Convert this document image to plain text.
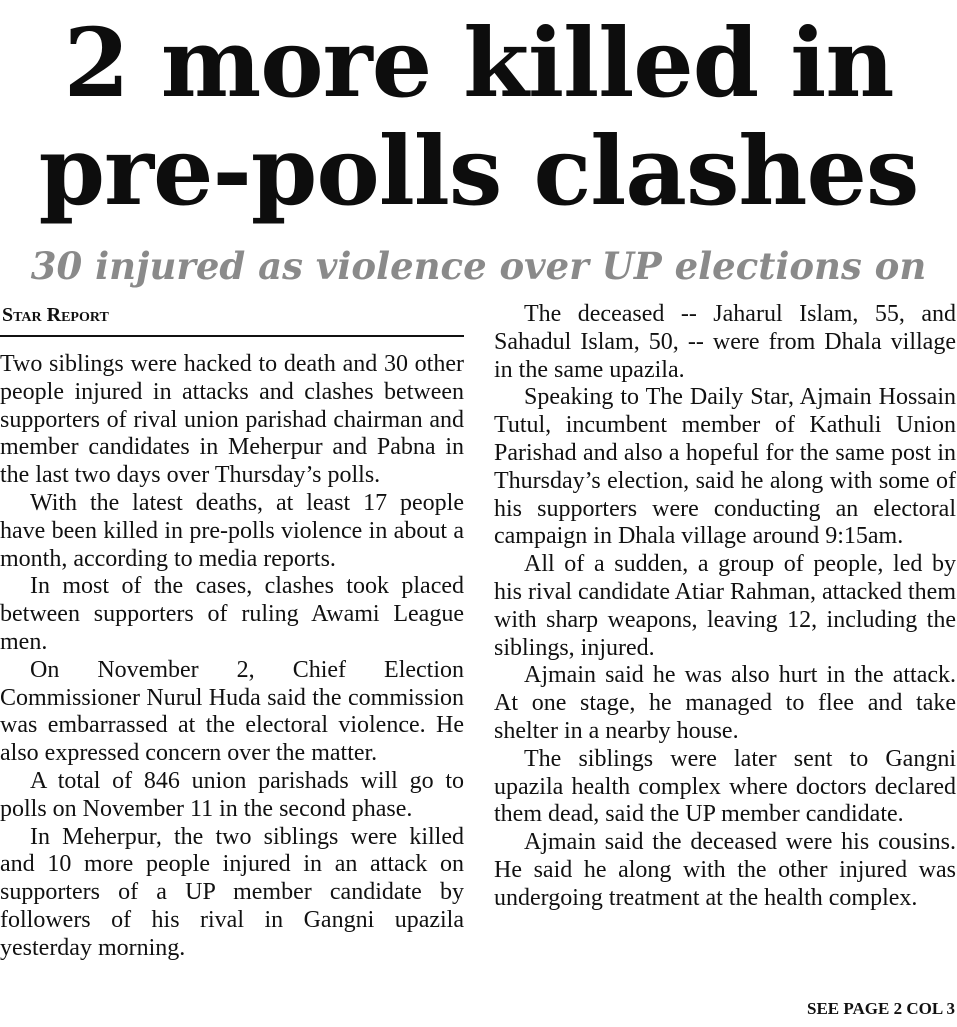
2 more killed in
pre-polls clashes
30 injured as violence over UP elections on
Star Report

Two siblings were hacked to death and 30 other people injured in attacks and clashes between supporters of rival union parishad chairman and member candidates in Meherpur and Pabna in the last two days over Thursday’s polls.

With the latest deaths, at least 17 people have been killed in pre-polls violence in about a month, according to media reports.

In most of the cases, clashes took placed between supporters of ruling Awami League men.

On November 2, Chief Election Commissioner Nurul Huda said the commission was embarrassed at the electoral violence. He also expressed concern over the matter.

A total of 846 union parishads will go to polls on November 11 in the second phase.

In Meherpur, the two siblings were killed and 10 more people injured in an attack on supporters of a UP member candidate by followers of his rival in Gangni upazila yesterday morning.

The deceased -- Jaharul Islam, 55, and Sahadul Islam, 50, -- were from Dhala village in the same upazila.

Speaking to The Daily Star, Ajmain Hossain Tutul, incumbent member of Kathuli Union Parishad and also a hopeful for the same post in Thursday’s election, said he along with some of his supporters were conducting an electoral campaign in Dhala village around 9:15am.

All of a sudden, a group of people, led by his rival candidate Atiar Rahman, attacked them with sharp weapons, leaving 12, including the siblings, injured.

Ajmain said he was also hurt in the attack. At one stage, he managed to flee and take shelter in a nearby house.

The siblings were later sent to Gangni upazila health complex where doctors declared them dead, said the UP member candidate.

Ajmain said the deceased were his cousins. He said he along with the other injured was undergoing treatment at the health complex.

SEE PAGE 2 COL 3
